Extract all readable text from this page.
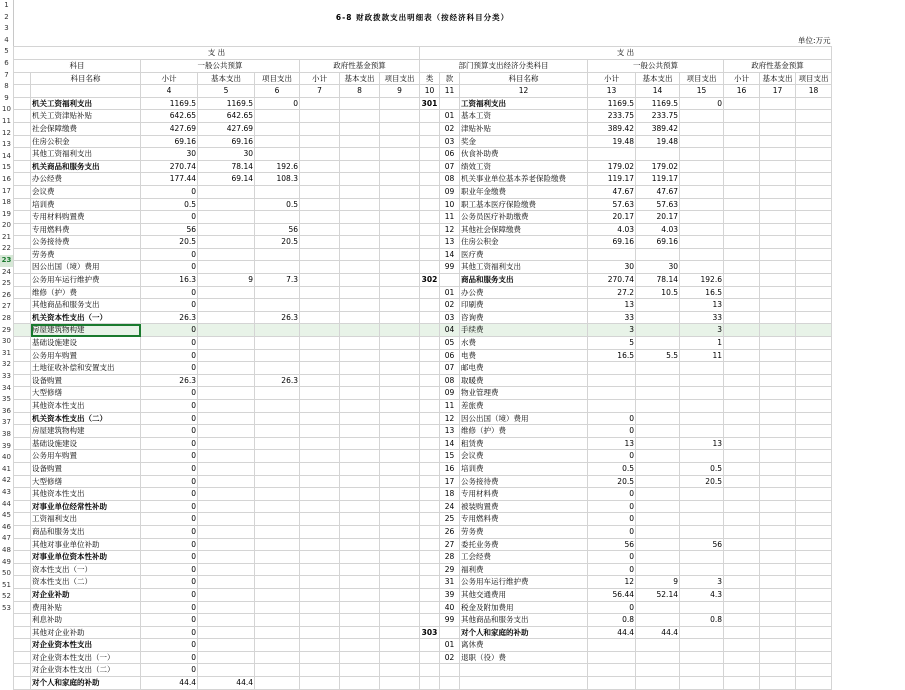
1
2
3
4
5
6
7
8
9
10
11
12
13
14
15
16
17
18
19
20
21
22
23
24
25
26
27
28
29
30
31
32
33
34
35
36
37
38
39
40
41
42
43
44
45
46
47
48
49
50
51
52
53

6-8 财政拨款支出明细表（按经济科目分类）																

													单位:万元			
支 出								支 出								
科目		一般公共预算			政府性基金预算			部门预算支出经济分类科目			一般公共预算			政府性基金预算		
	科目名称	小计	基本支出	项目支出	小计	基本支出	项目支出	类	款	科目名称	小计	基本支出	项目支出	小计	基本支出	项目支出
		4	5	6	7	8	9	10	11	12	13	14	15	16	17	18
	机关工资福利支出	1169.5	1169.5	0				301		工资福利支出	1169.5	1169.5	0			
	机关工资津贴补贴	642.65	642.65						01	基本工资	233.75	233.75				
	社会保障缴费	427.69	427.69						02	津贴补贴	389.42	389.42				
	住房公积金	69.16	69.16						03	奖金	19.48	19.48				
	其他工资福利支出	30	30						06	伙食补助费						
	机关商品和服务支出	270.74	78.14	192.6					07	绩效工资	179.02	179.02				
	办公经费	177.44	69.14	108.3					08	机关事业单位基本养老保险缴费	119.17	119.17				
	会议费	0							09	职业年金缴费	47.67	47.67				
	培训费	0.5		0.5					10	职工基本医疗保险缴费	57.63	57.63				
	专用材料购置费	0							11	公务员医疗补助缴费	20.17	20.17				
	专用燃料费	56		56					12	其他社会保障缴费	4.03	4.03				
	公务接待费	20.5		20.5					13	住房公积金	69.16	69.16				
	劳务费	0							14	医疗费						
	因公出国（境）费用	0							99	其他工资福利支出	30	30				
	公务用车运行维护费	16.3	9	7.3				302		商品和服务支出	270.74	78.14	192.6			
	维修（护）费	0							01	办公费	27.2	10.5	16.5			
	其他商品和服务支出	0							02	印刷费	13		13			
	机关资本性支出（一）	26.3		26.3					03	咨询费	33		33			
	房屋建筑物构建	0							04	手续费	3		3			
	基础设施建设	0							05	水费	5		1			
	公务用车购置	0							06	电费	16.5	5.5	11			
	土地征收补偿和安置支出	0							07	邮电费						
	设备购置	26.3		26.3					08	取暖费						
	大型修缮	0							09	物业管理费						
	其他资本性支出	0							11	差旅费						
	机关资本性支出（二）	0							12	因公出国（境）费用	0					
	房屋建筑物构建	0							13	维修（护）费	0					
	基础设施建设	0							14	租赁费	13		13			
	公务用车购置	0							15	会议费	0					
	设备购置	0							16	培训费	0.5		0.5			
	大型修缮	0							17	公务接待费	20.5		20.5			
	其他资本性支出	0							18	专用材料费	0					
	对事业单位经常性补助	0							24	被装购置费	0					
	工资福利支出	0							25	专用燃料费	0					
	商品和服务支出	0							26	劳务费	0					
	其他对事业单位补助	0							27	委托业务费	56		56			
	对事业单位资本性补助	0							28	工会经费	0					
	资本性支出（一）	0							29	福利费	0					
	资本性支出（二）	0							31	公务用车运行维护费	12	9	3			
	对企业补助	0							39	其他交通费用	56.44	52.14	4.3			
	费用补贴	0							40	税金及附加费用	0					
	利息补助	0							99	其他商品和服务支出	0.8		0.8			
	其他对企业补助	0						303		对个人和家庭的补助	44.4	44.4				
	对企业资本性支出	0							01	离休费						
	对企业资本性支出（一）	0							02	退职（役）费						
	对企业资本性支出（二）	0														
	对个人和家庭的补助	44.4	44.4													
